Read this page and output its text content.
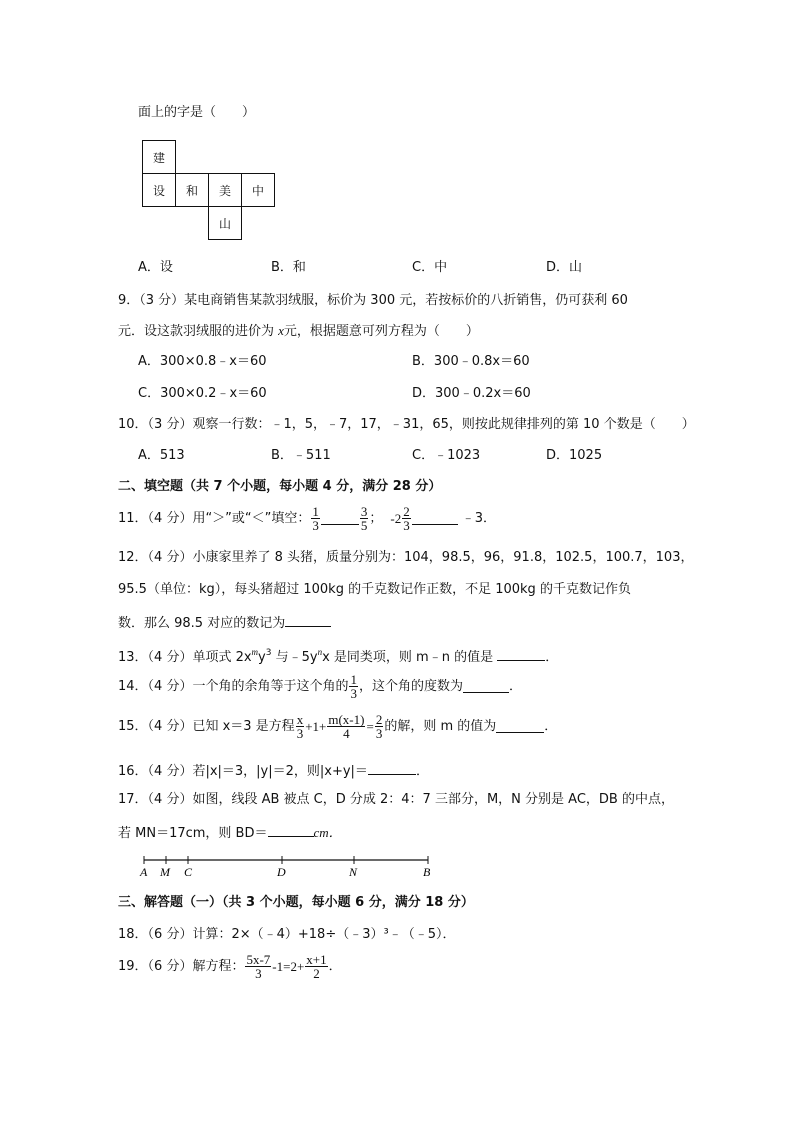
面上的字是（　　）
建
设	和	美	中
山
A．设	B．和	C．中	D．山
9．（3 分）某电商销售某款羽绒服，标价为 300 元，若按标价的八折销售，仍可获利 60
元．设这款羽绒服的进价为 x元，根据题意可列方程为（　　）
A．300×0.8﹣x＝60	B．300﹣0.8x＝60
C．300×0.2﹣x＝60	D．300﹣0.2x＝60
10．（3 分）观察一行数：﹣1，5，﹣7，17，﹣31，65，则按此规律排列的第 10 个数是（　　）
A．513	B．﹣511	C．﹣1023	D．1025
二、填空题（共 7 个小题，每小题 4 分，满分 28 分）
11．（4 分）用“＞”或“＜”填空： $\frac{1}{3}$	$\frac{3}{5}$ ； $-2 \frac{2}{3}$	﹣3．
12．（4 分）小康家里养了 8 头猪，质量分别为：104，98.5，96，91.8，102.5，100.7，103，
95.5（单位：kg），每头猪超过 100kg 的千克数记作正数，不足 100kg 的千克数记作负
数．那么 98.5 对应的数记为
13．（4 分）单项式 $2x^my^3$ 与$﹣5y^nx$ 是同类项，则 m﹣n 的值是	．
14．（4 分）一个角的余角等于这个角的 $\frac{1}{3}$ ，这个角的度数为	．
15．（4 分）已知 x＝3 是方程 $\frac{x}{3} +1+ \frac{m(x-1)}{4} = \frac{2}{3}$ 的解，则 m 的值为	．
16．（4 分）若|x|＝3，|y|＝2，则|x+y|＝	．
17．（4 分）如图，线段 AB 被点 C，D 分成 2：4：7 三部分，M，N 分别是 AC，DB 的中点，
若 MN＝17cm，则 BD＝	cm．
A M C	D	N	B
三、解答题（一）（共 3 个小题，每小题 6 分，满分 18 分）
18．（6 分）计算：2×（﹣4）+18÷（﹣3）³﹣（﹣5）．
19．（6 分）解方程： $\frac{5x-7}{3} -1=2+ \frac{x+1}{2}$ ．
